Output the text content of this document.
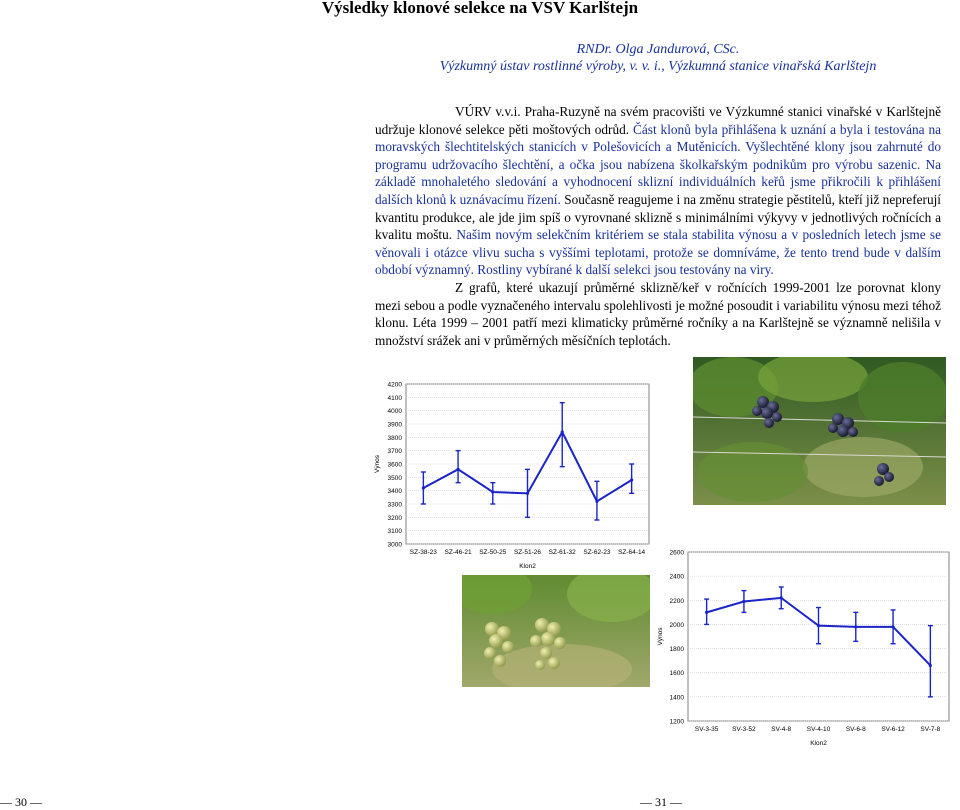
Výsledky klonové selekce na VSV Karlštejn
RNDr. Olga Jandurová, CSc.
Výzkumný ústav rostlinné výroby, v. v. i., Výzkumná stanice vinařská Karlštejn

VÚRV v.v.i. Praha-Ruzyně na svém pracovišti ve Výzkumné stanici vinařské v Karlštejně udržuje klonové selekce pěti moštových odrůd. Část klonů byla přihlášena k uznání a byla i testována na moravských šlechtitelských stanicích v Polešovicích a Mutěnicích. Vyšlechtěné klony jsou zahrnuté do programu udržovacího šlechtění, a očka jsou nabízena školkařským podnikům pro výrobu sazenic. Na základě mnohaletého sledování a vyhodnocení sklizní individuálních keřů jsme přikročili k přihlášení dalších klonů k uznávacímu řízení. Současně reagujeme i na změnu strategie pěstitelů, kteří již nepreferují kvantitu produkce, ale jde jim spíš o vyrovnané sklizně s minimálními výkyvy v jednotlivých ročnících a kvalitu moštu. Našim novým selekčním kritériem se stala stabilita výnosu a v posledních letech jsme se věnovali i otázce vlivu sucha s vyššími teplotami, protože se domníváme, že tento trend bude v dalším období významný. Rostliny vybírané k další selekci jsou testovány na viry.

Z grafů, které ukazují průměrné sklizně/keř v ročnících 1999-2001 lze porovnat klony mezi sebou a podle vyznačeného intervalu spolehlivosti je možné posoudit i variabilitu výnosu mezi téhož klonu. Léta 1999 – 2001 patří mezi klimaticky průměrné ročníky a na Karlštejně se významně nelišila v množství srážek ani v průměrných měsíčních teplotách.

4200
4100
4000
3900
3800
3700
3600
3500
3400
3300
3200
3100
3000
SZ-38-23 SZ-46-21 SZ-50-25 SZ-51-26 SZ-61-32 SZ-62-23 SZ-64-14
Klon2
Výnos
2600
2400
2200
2000
1800
1600
1400
1200
SV-3-35 SV-3-52 SV-4-8 SV-4-10 SV-6-8 SV-6-12 SV-7-8
Klon2
Výnos
— 30 —	— 31 —
